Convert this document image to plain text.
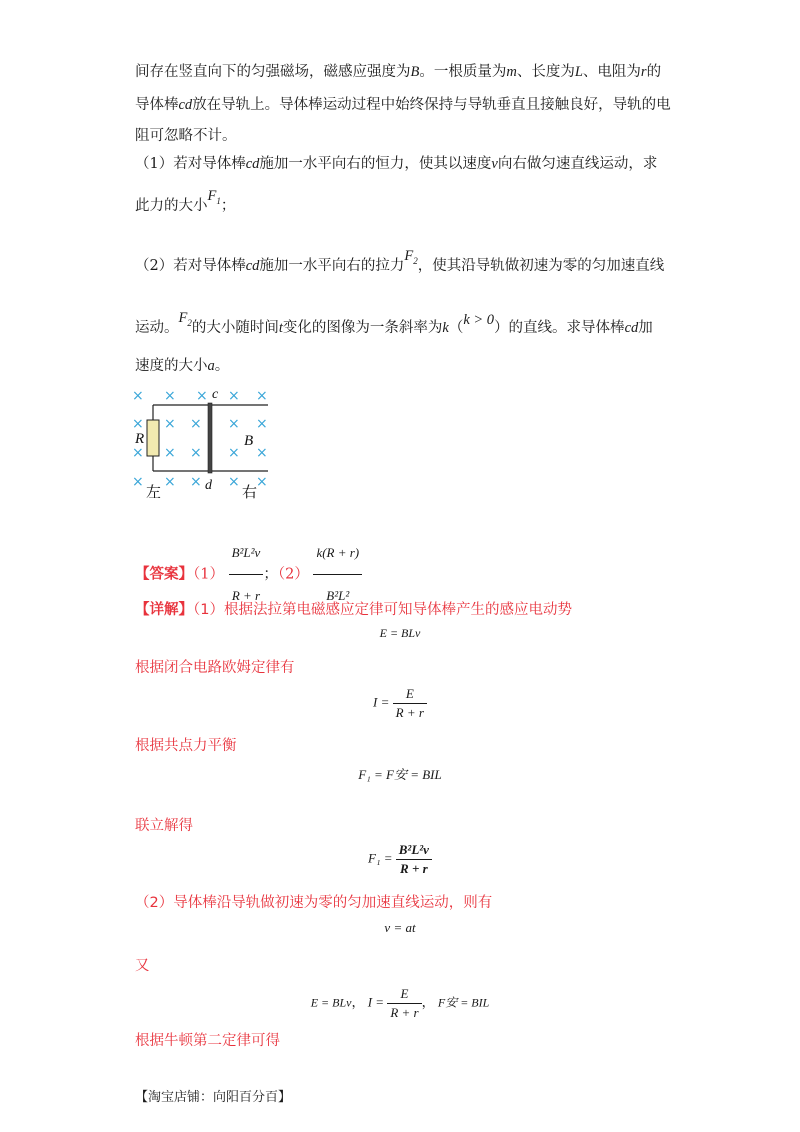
间存在竖直向下的匀强磁场，磁感应强度为B。一根质量为m、长度为L、电阻为r的
导体棒cd放在导轨上。导体棒运动过程中始终保持与导轨垂直且接触良好，导轨的电
阻可忽略不计。
（1）若对导体棒cd施加一水平向右的恒力，使其以速度v向右做匀速直线运动，求
此力的大小$F_1$；
（2）若对导体棒cd施加一水平向右的拉力$F_2$，使其沿导轨做初速为零的匀加速直线
运动。$F_2$的大小随时间t变化的图像为一条斜率为k（k > 0）的直线。求导体棒cd加
速度的大小a。
× × × × ×
× × × × ×
× × × × ×
× × × × ×
c
d
R	B
左	右
【答案】$(1) \frac{\text{B²L²v}}{R + r}$ ；$(2) \frac{k(R + r)}{\text{B²L²}}$
【详解】（1）根据法拉第电磁感应定律可知导体棒产生的感应电动势
E = BLv
根据闭合电路欧姆定律有
$I = \frac{E}{R + r}$
根据共点力平衡
F₁ = F安 = BIL
联立解得
$F_1 = \frac{\text{B²L²v}}{R + r}$
（2）导体棒沿导轨做初速为零的匀加速直线运动，则有
v = at
又
E = BLv， $I = \frac{E}{R + r}$ ， F安 = BIL
根据牛顿第二定律可得
【淘宝店铺：向阳百分百】
